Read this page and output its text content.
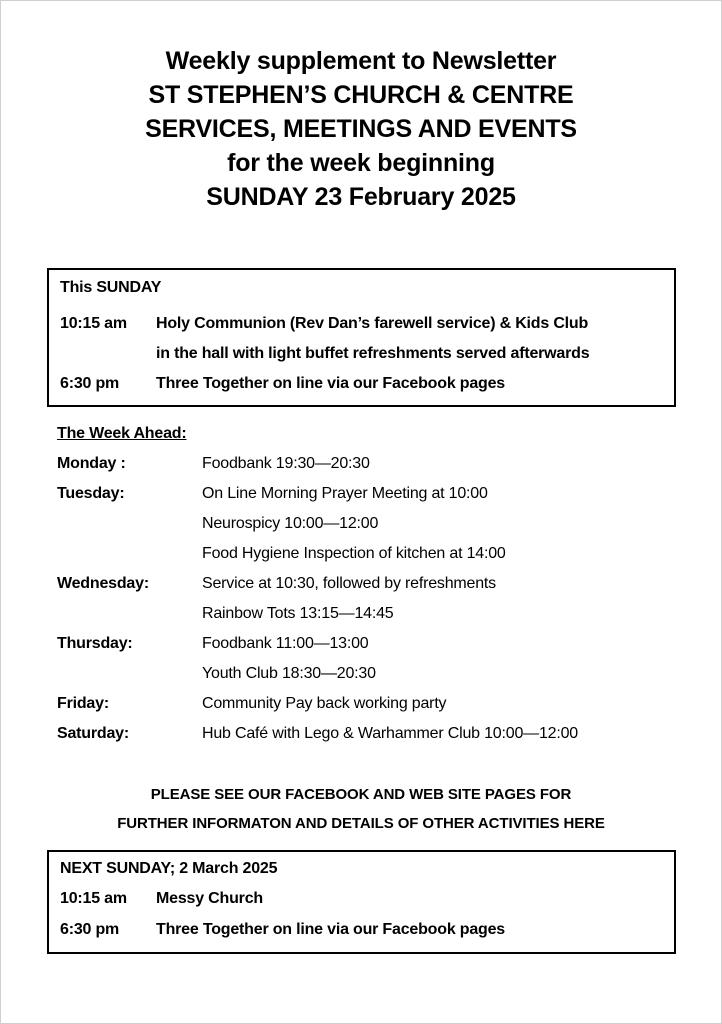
Weekly supplement to Newsletter
ST STEPHEN’S CHURCH & CENTRE
SERVICES, MEETINGS AND EVENTS
for the week beginning
SUNDAY 23 February 2025
This SUNDAY
10:15 am Holy Communion (Rev Dan’s farewell service) & Kids Club
in the hall with light buffet refreshments served afterwards
6:30 pm Three Together on line via our Facebook pages
The Week Ahead:
Monday :	Foodbank 19:30—20:30
Tuesday:	On Line Morning Prayer Meeting at 10:00
Neurospicy 10:00—12:00
Food Hygiene Inspection of kitchen at 14:00
Wednesday:	Service at 10:30, followed by refreshments
Rainbow Tots 13:15—14:45
Thursday:	Foodbank 11:00—13:00
Youth Club 18:30—20:30
Friday:	Community Pay back working party
Saturday:	Hub Café with Lego & Warhammer Club 10:00—12:00
PLEASE SEE OUR FACEBOOK AND WEB SITE PAGES FOR
FURTHER INFORMATON AND DETAILS OF OTHER ACTIVITIES HERE
NEXT SUNDAY; 2 March 2025
10:15 am Messy Church
6:30 pm Three Together on line via our Facebook pages
